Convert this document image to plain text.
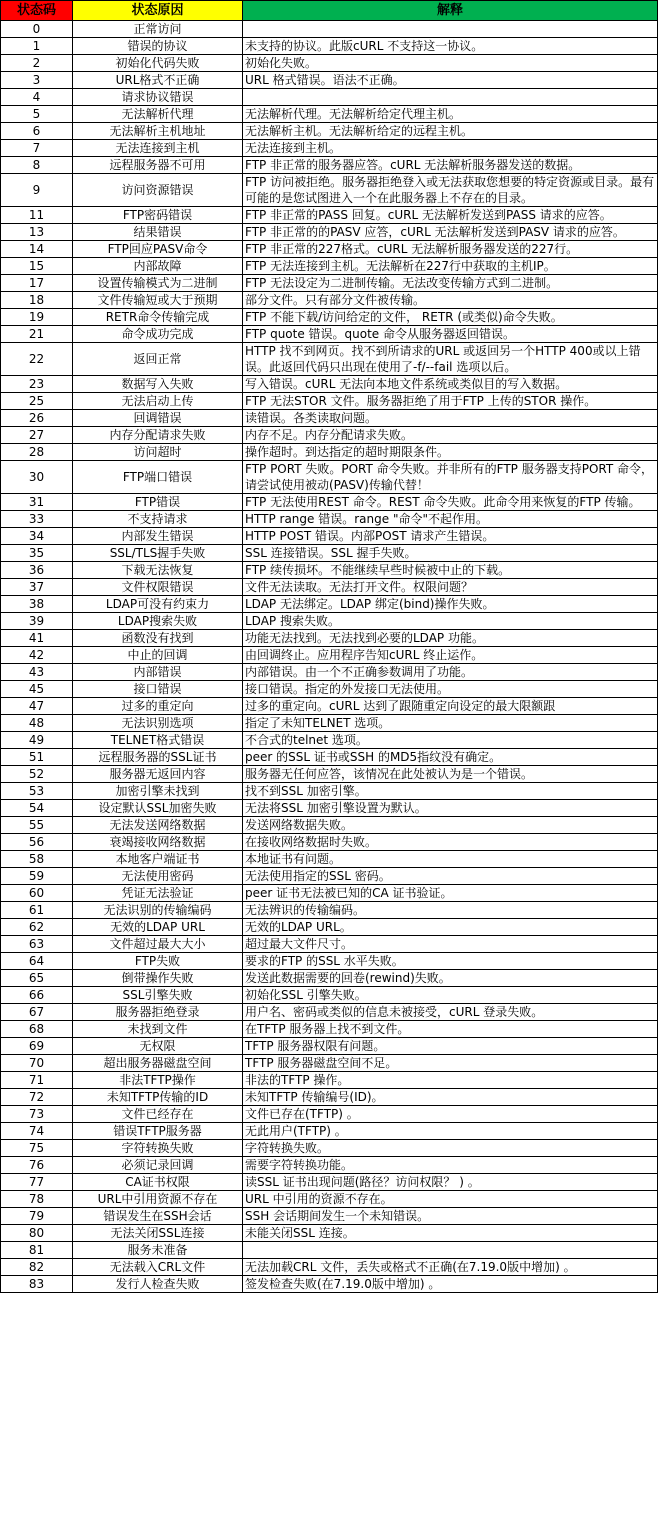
状态码	状态原因	解释
0	正常访问	
1	错误的协议	未支持的协议。此版cURL 不支持这一协议。
2	初始化代码失败	初始化失败。
3	URL格式不正确	URL 格式错误。语法不正确。
4	请求协议错误	
5	无法解析代理	无法解析代理。无法解析给定代理主机。
6	无法解析主机地址	无法解析主机。无法解析给定的远程主机。
7	无法连接到主机	无法连接到主机。
8	远程服务器不可用	FTP 非正常的服务器应答。cURL 无法解析服务器发送的数据。
9	访问资源错误	FTP 访问被拒绝。服务器拒绝登入或无法获取您想要的特定资源或目录。最有可能的是您试图进入一个在此服务器上不存在的目录。
11	FTP密码错误	FTP 非正常的PASS 回复。cURL 无法解析发送到PASS 请求的应答。
13	结果错误	FTP 非正常的的PASV 应答，cURL 无法解析发送到PASV 请求的应答。
14	FTP回应PASV命令	FTP 非正常的227格式。cURL 无法解析服务器发送的227行。
15	内部故障	FTP 无法连接到主机。无法解析在227行中获取的主机IP。
17	设置传输模式为二进制	FTP 无法设定为二进制传输。无法改变传输方式到二进制。
18	文件传输短或大于预期	部分文件。只有部分文件被传输。
19	RETR命令传输完成	FTP 不能下载/访问给定的文件， RETR (或类似)命令失败。
21	命令成功完成	FTP quote 错误。quote 命令从服务器返回错误。
22	返回正常	HTTP 找不到网页。找不到所请求的URL 或返回另一个HTTP 400或以上错误。此返回代码只出现在使用了-f/--fail 选项以后。
23	数据写入失败	写入错误。cURL 无法向本地文件系统或类似目的写入数据。
25	无法启动上传	FTP 无法STOR 文件。服务器拒绝了用于FTP 上传的STOR 操作。
26	回调错误	读错误。各类读取问题。
27	内存分配请求失败	内存不足。内存分配请求失败。
28	访问超时	操作超时。到达指定的超时期限条件。
30	FTP端口错误	FTP PORT 失败。PORT 命令失败。并非所有的FTP 服务器支持PORT 命令，请尝试使用被动(PASV)传输代替！
31	FTP错误	FTP 无法使用REST 命令。REST 命令失败。此命令用来恢复的FTP 传输。
33	不支持请求	HTTP range 错误。range "命令"不起作用。
34	内部发生错误	HTTP POST 错误。内部POST 请求产生错误。
35	SSL/TLS握手失败	SSL 连接错误。SSL 握手失败。
36	下载无法恢复	FTP 续传损坏。不能继续早些时候被中止的下载。
37	文件权限错误	文件无法读取。无法打开文件。权限问题？
38	LDAP可没有约束力	LDAP 无法绑定。LDAP 绑定(bind)操作失败。
39	LDAP搜索失败	LDAP 搜索失败。
41	函数没有找到	功能无法找到。无法找到必要的LDAP 功能。
42	中止的回调	由回调终止。应用程序告知cURL 终止运作。
43	内部错误	内部错误。由一个不正确参数调用了功能。
45	接口错误	接口错误。指定的外发接口无法使用。
47	过多的重定向	过多的重定向。cURL 达到了跟随重定向设定的最大限额跟
48	无法识别选项	指定了未知TELNET 选项。
49	TELNET格式错误	不合式的telnet 选项。
51	远程服务器的SSL证书	peer 的SSL 证书或SSH 的MD5指纹没有确定。
52	服务器无返回内容	服务器无任何应答，该情况在此处被认为是一个错误。
53	加密引擎未找到	找不到SSL 加密引擎。
54	设定默认SSL加密失败	无法将SSL 加密引擎设置为默认。
55	无法发送网络数据	发送网络数据失败。
56	衰竭接收网络数据	在接收网络数据时失败。
58	本地客户端证书	本地证书有问题。
59	无法使用密码	无法使用指定的SSL 密码。
60	凭证无法验证	peer 证书无法被已知的CA 证书验证。
61	无法识别的传输编码	无法辨识的传输编码。
62	无效的LDAP URL	无效的LDAP URL。
63	文件超过最大大小	超过最大文件尺寸。
64	FTP失败	要求的FTP 的SSL 水平失败。
65	倒带操作失败	发送此数据需要的回卷(rewind)失败。
66	SSL引擎失败	初始化SSL 引擎失败。
67	服务器拒绝登录	用户名、密码或类似的信息未被接受，cURL 登录失败。
68	未找到文件	在TFTP 服务器上找不到文件。
69	无权限	TFTP 服务器权限有问题。
70	超出服务器磁盘空间	TFTP 服务器磁盘空间不足。
71	非法TFTP操作	非法的TFTP 操作。
72	未知TFTP传输的ID	未知TFTP 传输编号(ID)。
73	文件已经存在	文件已存在(TFTP) 。
74	错误TFTP服务器	无此用户(TFTP) 。
75	字符转换失败	字符转换失败。
76	必须记录回调	需要字符转换功能。
77	CA证书权限	读SSL 证书出现问题(路径？访问权限？ ) 。
78	URL中引用资源不存在	URL 中引用的资源不存在。
79	错误发生在SSH会话	SSH 会话期间发生一个未知错误。
80	无法关闭SSL连接	未能关闭SSL 连接。
81	服务未准备	
82	无法载入CRL文件	无法加载CRL 文件，丢失或格式不正确(在7.19.0版中增加) 。
83	发行人检查失败	签发检查失败(在7.19.0版中增加) 。
